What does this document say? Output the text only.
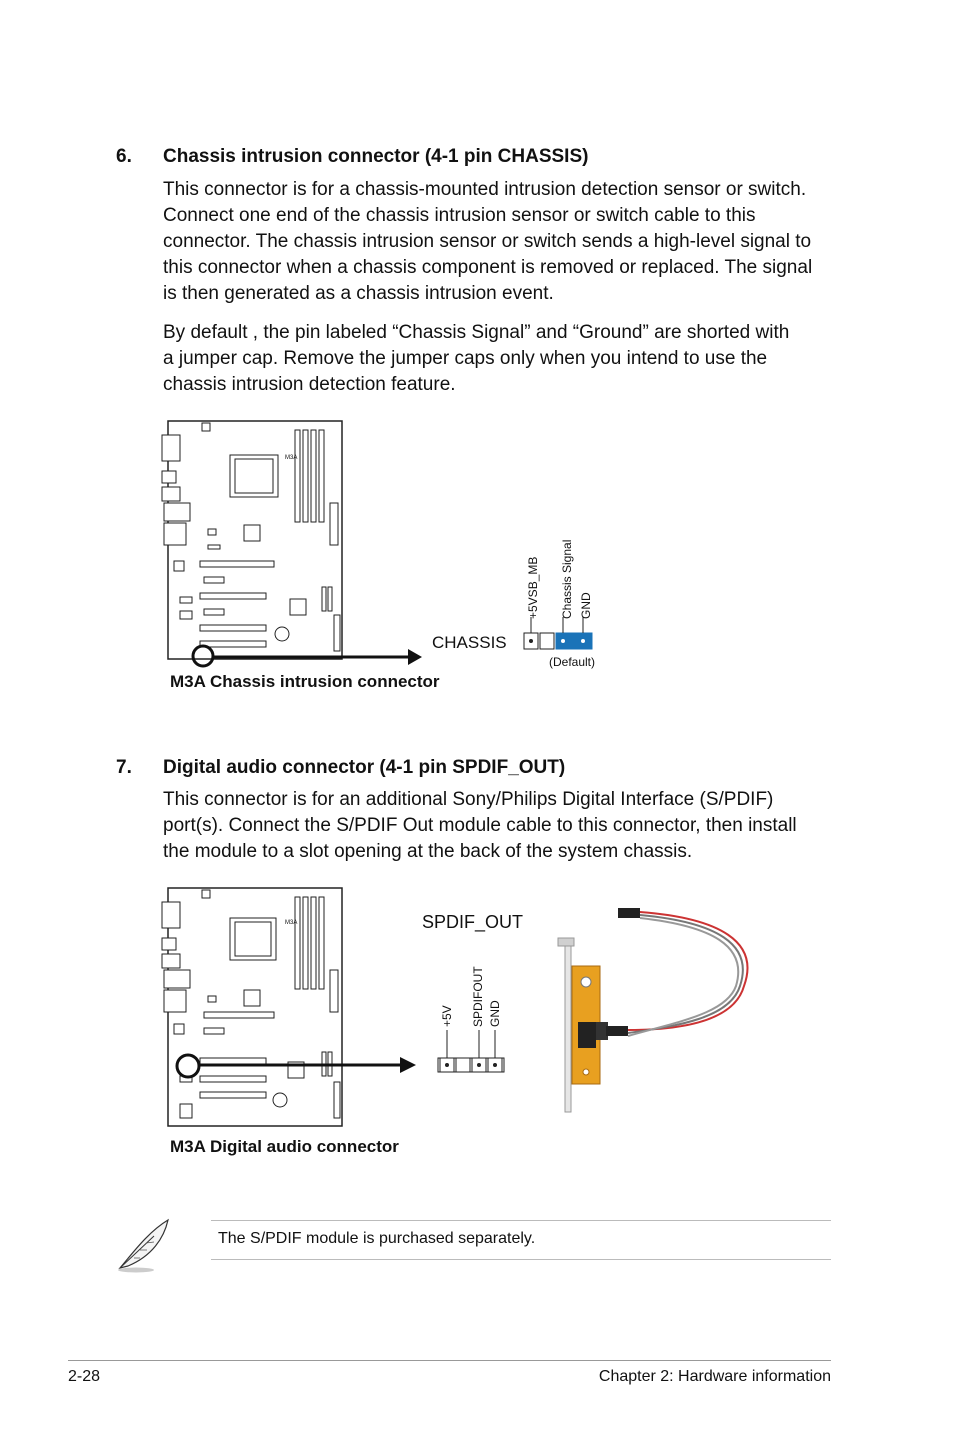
6. Chassis intrusion connector (4-1 pin CHASSIS)
This connector is for a chassis-mounted intrusion detection sensor or switch.
Connect one end of the chassis intrusion sensor or switch cable to this
connector. The chassis intrusion sensor or switch sends a high-level signal to
this connector when a chassis component is removed or replaced. The signal
is then generated as a chassis intrusion event.
By default , the pin labeled “Chassis Signal” and “Ground” are shorted with
a jumper cap. Remove the jumper caps only when you intend to use the
chassis intrusion detection feature.
M3A
CHASSIS
+5VSB_MB Chassis Signal GND
(Default)
M3A Chassis intrusion connector
7. Digital audio connector (4-1 pin SPDIF_OUT)
This connector is for an additional Sony/Philips Digital Interface (S/PDIF)
port(s). Connect the S/PDIF Out module cable to this connector, then install
the module to a slot opening at the back of the system chassis.
M3A	SPDIF_OUT
+5V SPDIFOUT GND
M3A Digital audio connector
The S/PDIF module is purchased separately.
2-28	Chapter 2: Hardware information
